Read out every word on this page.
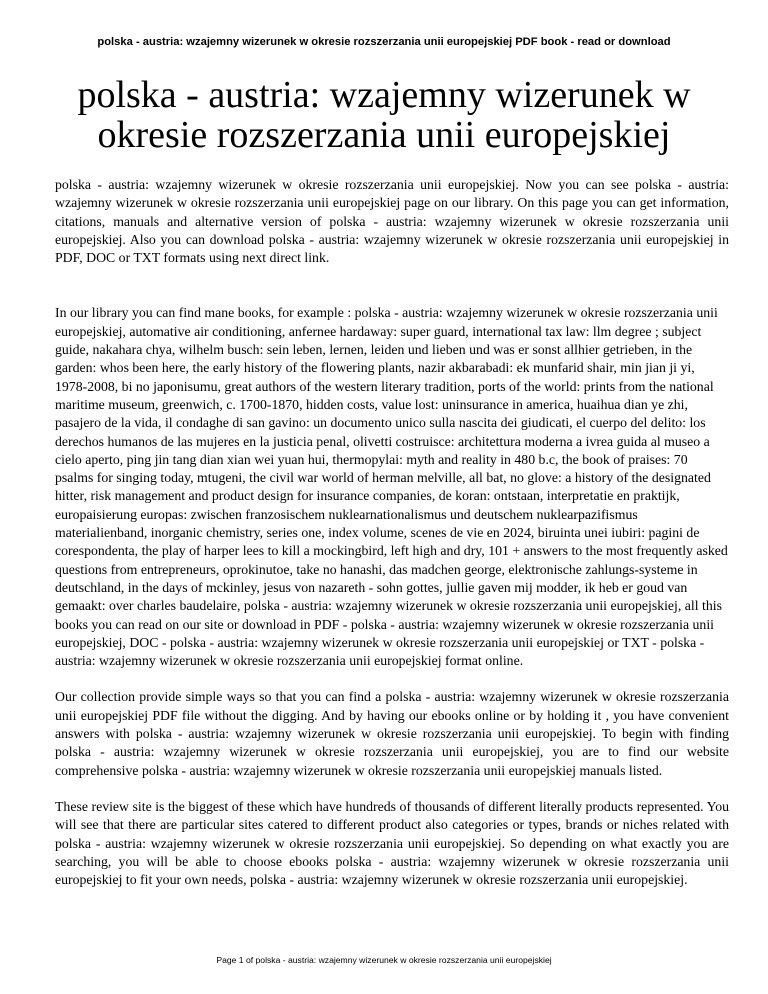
polska - austria: wzajemny wizerunek w okresie rozszerzania unii europejskiej PDF book - read or download
polska - austria: wzajemny wizerunek w okresie rozszerzania unii europejskiej

polska - austria: wzajemny wizerunek w okresie rozszerzania unii europejskiej. Now you can see polska - austria: wzajemny wizerunek w okresie rozszerzania unii europejskiej page on our library. On this page you can get information, citations, manuals and alternative version of polska - austria: wzajemny wizerunek w okresie rozszerzania unii europejskiej. Also you can download polska - austria: wzajemny wizerunek w okresie rozszerzania unii europejskiej in PDF, DOC or TXT formats using next direct link.

In our library you can find mane books, for example : polska - austria: wzajemny wizerunek w okresie rozszerzania unii europejskiej, automative air conditioning, anfernee hardaway: super guard, international tax law: llm degree ; subject guide, nakahara chya, wilhelm busch: sein leben, lernen, leiden und lieben und was er sonst allhier getrieben, in the garden: whos been here, the early history of the flowering plants, nazir akbarabadi: ek munfarid shair, min jian ji yi, 1978-2008, bi no japonisumu, great authors of the western literary tradition, ports of the world: prints from the national maritime museum, greenwich, c. 1700-1870, hidden costs, value lost: uninsurance in america, huaihua dian ye zhi, pasajero de la vida, il condaghe di san gavino: un documento unico sulla nascita dei giudicati, el cuerpo del delito: los derechos humanos de las mujeres en la justicia penal, olivetti costruisce: architettura moderna a ivrea guida al museo a cielo aperto, ping jin tang dian xian wei yuan hui, thermopylai: myth and reality in 480 b.c, the book of praises: 70 psalms for singing today, mtugeni, the civil war world of herman melville, all bat, no glove: a history of the designated hitter, risk management and product design for insurance companies, de koran: ontstaan, interpretatie en praktijk, europaisierung europas: zwischen franzosischem nuklearnationalismus und deutschem nuklearpazifismus materialienband, inorganic chemistry, series one, index volume, scenes de vie en 2024, biruinta unei iubiri: pagini de corespondenta, the play of harper lees to kill a mockingbird, left high and dry, 101 + answers to the most frequently asked questions from entrepreneurs, oprokinutoe, take no hanashi, das madchen george, elektronische zahlungs-systeme in deutschland, in the days of mckinley, jesus von nazareth - sohn gottes, jullie gaven mij modder, ik heb er goud van gemaakt: over charles baudelaire, polska - austria: wzajemny wizerunek w okresie rozszerzania unii europejskiej, all this books you can read on our site or download in PDF - polska - austria: wzajemny wizerunek w okresie rozszerzania unii europejskiej, DOC - polska - austria: wzajemny wizerunek w okresie rozszerzania unii europejskiej or TXT - polska - austria: wzajemny wizerunek w okresie rozszerzania unii europejskiej format online.

Our collection provide simple ways so that you can find a polska - austria: wzajemny wizerunek w okresie rozszerzania unii europejskiej PDF file without the digging. And by having our ebooks online or by holding it , you have convenient answers with polska - austria: wzajemny wizerunek w okresie rozszerzania unii europejskiej. To begin with finding polska - austria: wzajemny wizerunek w okresie rozszerzania unii europejskiej, you are to find our website comprehensive polska - austria: wzajemny wizerunek w okresie rozszerzania unii europejskiej manuals listed.

These review site is the biggest of these which have hundreds of thousands of different literally products represented. You will see that there are particular sites catered to different product also categories or types, brands or niches related with polska - austria: wzajemny wizerunek w okresie rozszerzania unii europejskiej. So depending on what exactly you are searching, you will be able to choose ebooks polska - austria: wzajemny wizerunek w okresie rozszerzania unii europejskiej to fit your own needs, polska - austria: wzajemny wizerunek w okresie rozszerzania unii europejskiej.

Page 1 of polska - austria: wzajemny wizerunek w okresie rozszerzania unii europejskiej
